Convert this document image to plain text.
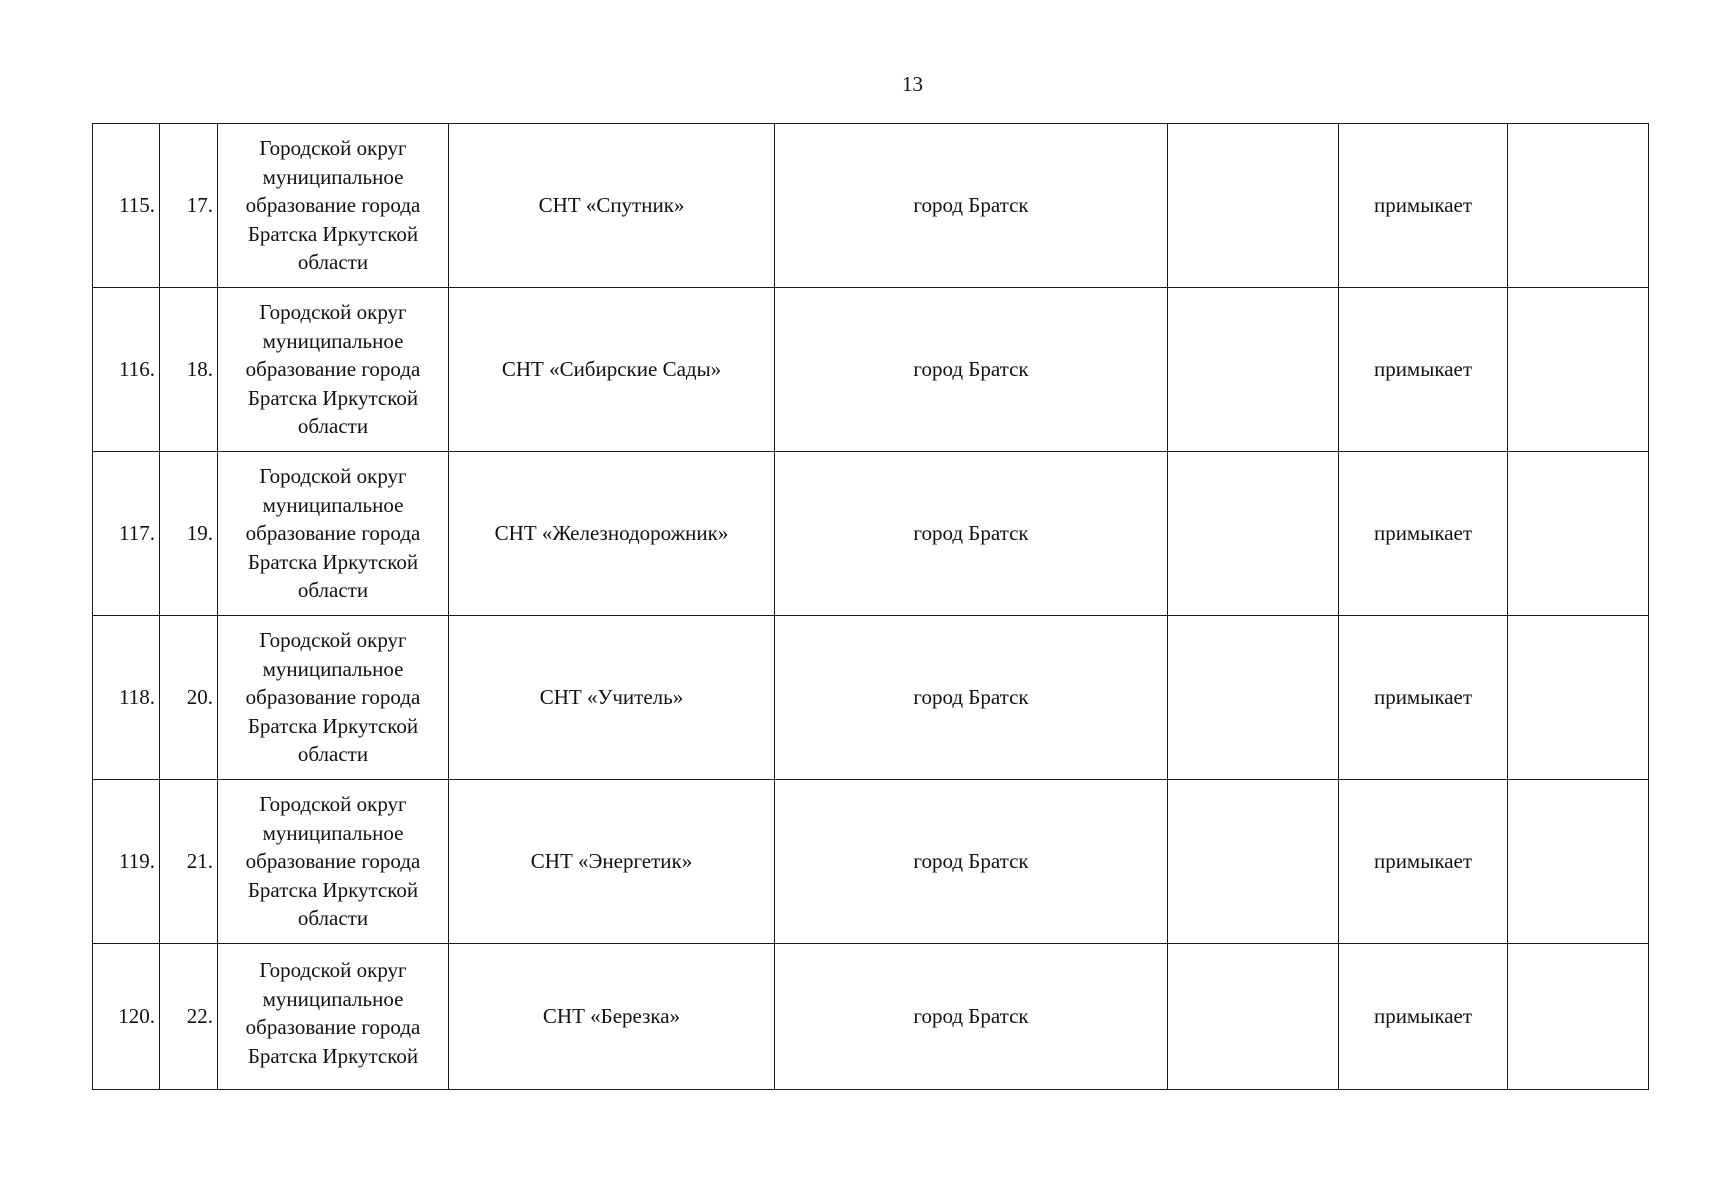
13
115.	17.	Городской округ
муниципальное
образование города
Братска Иркутской
области	СНТ «Спутник»	город Братск		примыкает	
116.	18.	Городской округ
муниципальное
образование города
Братска Иркутской
области	СНТ «Сибирские Сады»	город Братск		примыкает	
117.	19.	Городской округ
муниципальное
образование города
Братска Иркутской
области	СНТ «Железнодорожник»	город Братск		примыкает	
118.	20.	Городской округ
муниципальное
образование города
Братска Иркутской
области	СНТ «Учитель»	город Братск		примыкает	
119.	21.	Городской округ
муниципальное
образование города
Братска Иркутской
области	СНТ «Энергетик»	город Братск		примыкает	
120.	22.	Городской округ
муниципальное
образование города
Братска Иркутской	СНТ «Березка»	город Братск		примыкает	
